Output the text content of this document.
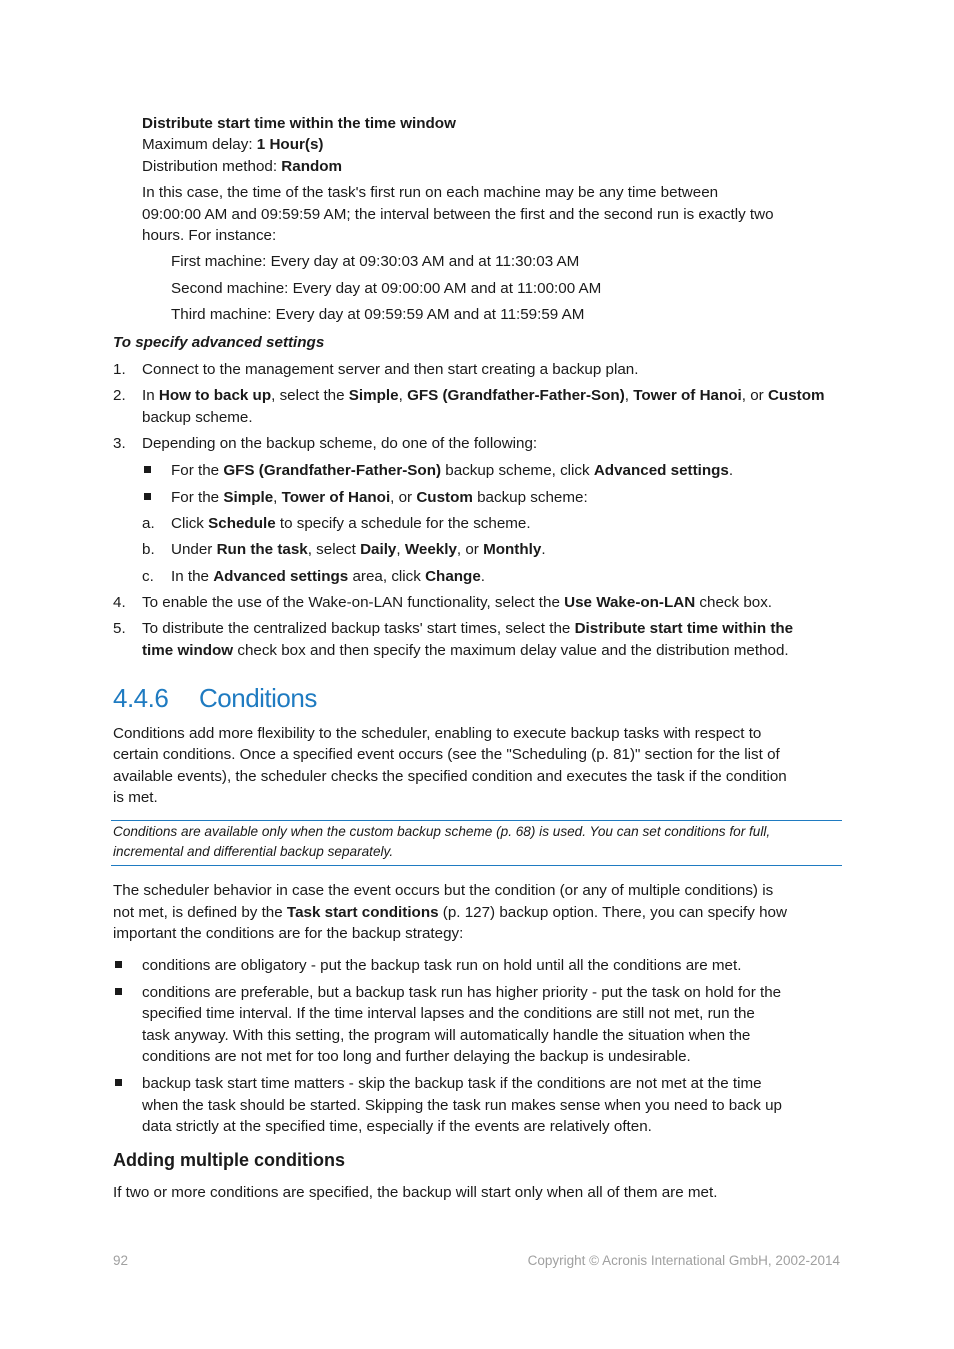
Distribute start time within the time window
Maximum delay: 1 Hour(s)
Distribution method: Random
In this case, the time of the task's first run on each machine may be any time between
09:00:00 AM and 09:59:59 AM; the interval between the first and the second run is exactly two
hours. For instance:
First machine: Every day at 09:30:03 AM and at 11:30:03 AM
Second machine: Every day at 09:00:00 AM and at 11:00:00 AM
Third machine: Every day at 09:59:59 AM and at 11:59:59 AM
To specify advanced settings
1.	Connect to the management server and then start creating a backup plan.
2.	In How to back up, select the Simple, GFS (Grandfather-Father-Son), Tower of Hanoi, or Custom
backup scheme.
3.	Depending on the backup scheme, do one of the following:
For the GFS (Grandfather-Father-Son) backup scheme, click Advanced settings.
For the Simple, Tower of Hanoi, or Custom backup scheme:
a. Click Schedule to specify a schedule for the scheme.
b. Under Run the task, select Daily, Weekly, or Monthly.
c. In the Advanced settings area, click Change.
4.	To enable the use of the Wake-on-LAN functionality, select the Use Wake-on-LAN check box.
5.	To distribute the centralized backup tasks' start times, select the Distribute start time within the
time window check box and then specify the maximum delay value and the distribution method.
4.4.6 Conditions
Conditions add more flexibility to the scheduler, enabling to execute backup tasks with respect to
certain conditions. Once a specified event occurs (see the "Scheduling (p. 81)" section for the list of
available events), the scheduler checks the specified condition and executes the task if the condition
is met.
Conditions are available only when the custom backup scheme (p. 68) is used. You can set conditions for full,
incremental and differential backup separately.
The scheduler behavior in case the event occurs but the condition (or any of multiple conditions) is
not met, is defined by the Task start conditions (p. 127) backup option. There, you can specify how
important the conditions are for the backup strategy:
conditions are obligatory - put the backup task run on hold until all the conditions are met.
conditions are preferable, but a backup task run has higher priority - put the task on hold for the
specified time interval. If the time interval lapses and the conditions are still not met, run the
task anyway. With this setting, the program will automatically handle the situation when the
conditions are not met for too long and further delaying the backup is undesirable.
backup task start time matters - skip the backup task if the conditions are not met at the time
when the task should be started. Skipping the task run makes sense when you need to back up
data strictly at the specified time, especially if the events are relatively often.
Adding multiple conditions
If two or more conditions are specified, the backup will start only when all of them are met.
92	Copyright © Acronis International GmbH, 2002-2014
